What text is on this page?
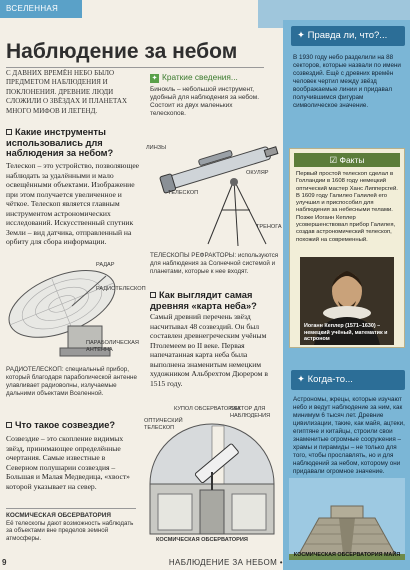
ВСЕЛЕННАЯ
Наблюдение за небом
С ДАВНИХ ВРЕМЁН НЕБО БЫЛО ПРЕДМЕТОМ НАБЛЮДЕНИЯ И ПОКЛОНЕНИЯ. ДРЕВНИЕ ЛЮДИ СЛОЖИЛИ О ЗВЁЗДАХ И ПЛАНЕТАХ МНОГО МИФОВ И ЛЕГЕНД.
✦ Краткие сведения...
Бинокль – небольшой инструмент, удобный для наблюдения за небом. Состоит из двух маленьких телескопов.
ЛИНЗЫ
ТЕЛЕСКОП
ОКУЛЯР
ТРЕНОГА
Какие инструменты использовались для наблюдения за небом?
Телескоп – это устройство, позволяющее наблюдать за удалёнными и мало освещёнными объектами. Изображение при этом получается увеличенное и чёткое. Телескоп является главным инструментом астрономических исследований. Искусственный спутник Земли – вид датчика, отправленный на орбиту для сбора информации.
ТЕЛЕСКОПЫ РЕФРАКТОРЫ: используются для наблюдения за Солнечной системой и планетами, которые к нее входят.
РАДАР
РАДИОТЕЛЕСКОП
ПАРАБОЛИЧЕСКАЯ АНТЕННА
РАДИОТЕЛЕСКОП: специальный прибор, который благодаря параболической антенне улавливает радиоволны, излучаемые дальними объектами Вселенной.
Как выглядит самая древняя «карта неба»?
Самый древний перечень звёзд насчитывал 48 созвездий. Он был составлен древнегреческим учёным Птолемеем во II веке. Первая напечатанная карта неба была выполнена знаменитым немецким художником Альбрехтом Дюрером в 1515 году.
Что такое созвездие?
Созвездие – это скопление видимых звёзд, принимающее определённые очертания. Самые известные в Северном полушарии созвездия – Большая и Малая Медведица, «хвост» которой указывает на север.
КУПОЛ ОБСЕРВАТОРИИ
ОПТИЧЕСКИЙ ТЕЛЕСКОП
СЕКТОР ДЛЯ НАБЛЮДЕНИЯ
КОСМИЧЕСКАЯ ОБСЕРВАТОРИЯ
КОСМИЧЕСКАЯ ОБСЕРВАТОРИЯ
Её телескопы дают возможность наблюдать за объектами вне пределов земной атмосферы.
9	НАБЛЮДЕНИЕ ЗА НЕБОМ •
✦ Правда ли, что?...
В 1930 году небо разделили на 88 секторов, которые назвали по имени созвездий. Ещё с древних времён человек чертил между звёзд воображаемые линии и придавал получившимся фигурам символическое значение.
☑ Факты
Первый простой телескоп сделал в Голландии в 1608 году немецкий оптический мастер Ханс Липперсгей. В 1609 году Галилео Галилей его улучшил и приспособил для наблюдения за небесными телами. Позже Иоганн Кеплер усовершенствовал прибор Галилея, создав астрономический телескоп, похожий на современный.
Иоганн Кеплер (1571–1630) – немецкий учёный, математик и астроном
✦ Когда-то...
Астрономы, жрецы, которые изучают небо и ведут наблюдение за ним, как минимум 6 тысяч лет. Древние цивилизации, такие, как майя, ацтеки, египтяне и китайцы, строили свои знаменитые огромные сооружения – храмы и пирамиды – не только для того, чтобы прославлять, но и для наблюдений за небом, которому они придавали огромное значение.
КОСМИЧЕСКАЯ ОБСЕРВАТОРИЯ МАЙЯ
